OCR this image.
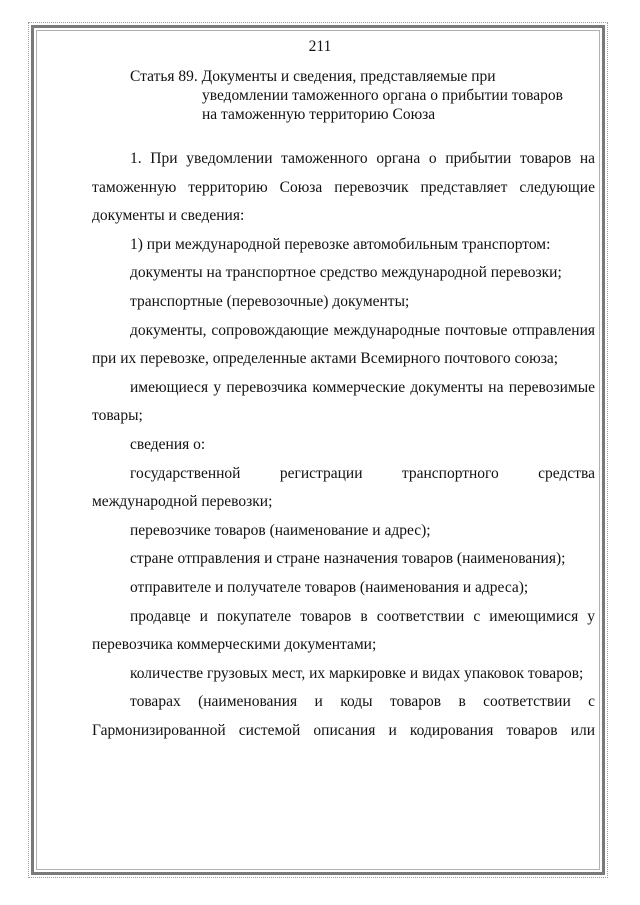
211
Статья 89. Документы и сведения, представляемые при
уведомлении таможенного органа о прибытии товаров
на таможенную территорию Союза

1. При уведомлении таможенного органа о прибытии товаров на таможенную территорию Союза перевозчик представляет следующие документы и сведения:

1) при международной перевозке автомобильным транспортом:

документы на транспортное средство международной перевозки;

транспортные (перевозочные) документы;

документы, сопровождающие международные почтовые отправления при их перевозке, определенные актами Всемирного почтового союза;

имеющиеся у перевозчика коммерческие документы на перевозимые товары;

сведения о:

государственной регистрации транспортного средства международной перевозки;

перевозчике товаров (наименование и адрес);

стране отправления и стране назначения товаров (наименования);

отправителе и получателе товаров (наименования и адреса);

продавце и покупателе товаров в соответствии с имеющимися у перевозчика коммерческими документами;

количестве грузовых мест, их маркировке и видах упаковок товаров;

товарах (наименования и коды товаров в соответствии с Гармонизированной системой описания и кодирования товаров или
